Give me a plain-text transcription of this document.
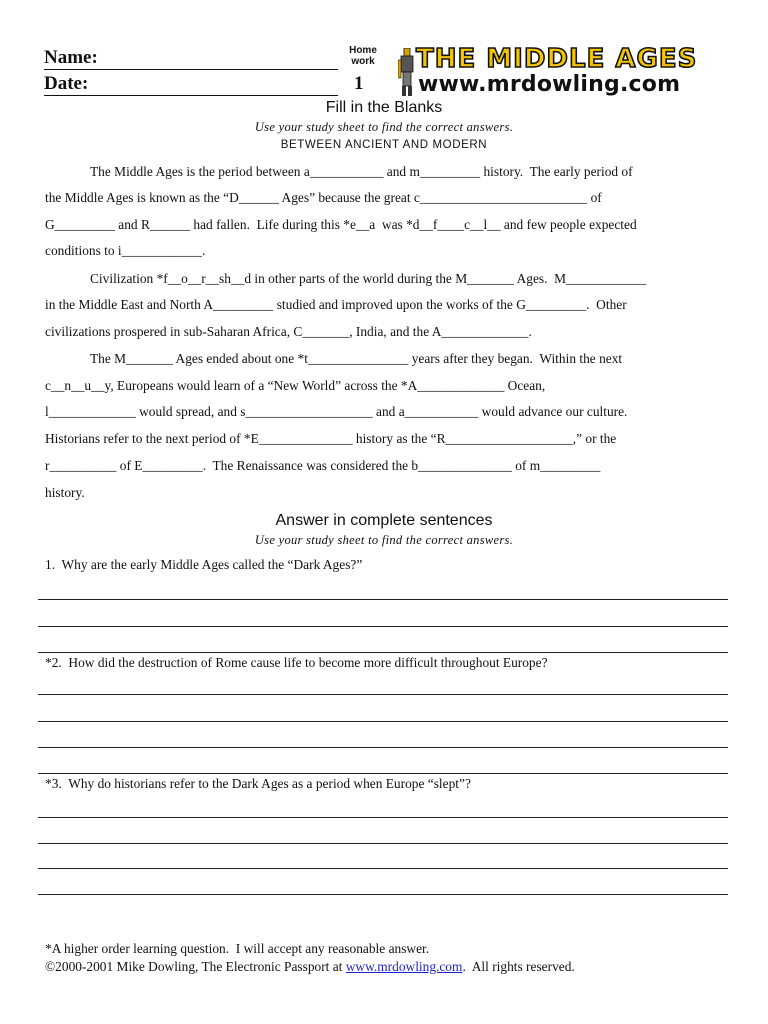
Name:
Date:
Home
work
1
THE MIDDLE AGES
www.mrdowling.com
Fill in the Blanks
Use your study sheet to find the correct answers.
BETWEEN ANCIENT AND MODERN
The Middle Ages is the period between a___________ and m_________ history.  The early period of
the Middle Ages is known as the “D______ Ages” because the great c_________________________ of
G_________ and R______ had fallen.  Life during this *e__a  was *d__f____c__l__ and few people expected
conditions to i____________.
Civilization *f__o__r__sh__d in other parts of the world during the M_______ Ages.  M____________
in the Middle East and North A_________ studied and improved upon the works of the G_________.  Other
civilizations prospered in sub-Saharan Africa, C_______, India, and the A_____________.
The M_______ Ages ended about one *t_______________ years after they began.  Within the next
c__n__u__y, Europeans would learn of a “New World” across the *A_____________ Ocean,
l_____________ would spread, and s___________________ and a___________ would advance our culture.
Historians refer to the next period of *E______________ history as the “R___________________,” or the
r__________ of E_________.  The Renaissance was considered the b______________ of m_________
history.
Answer in complete sentences
Use your study sheet to find the correct answers.
1.  Why are the early Middle Ages called the “Dark Ages?”
*2.  How did the destruction of Rome cause life to become more difficult throughout Europe?
*3.  Why do historians refer to the Dark Ages as a period when Europe “slept”?
*A higher order learning question.  I will accept any reasonable answer.
©2000-2001 Mike Dowling, The Electronic Passport at www.mrdowling.com.  All rights reserved.
